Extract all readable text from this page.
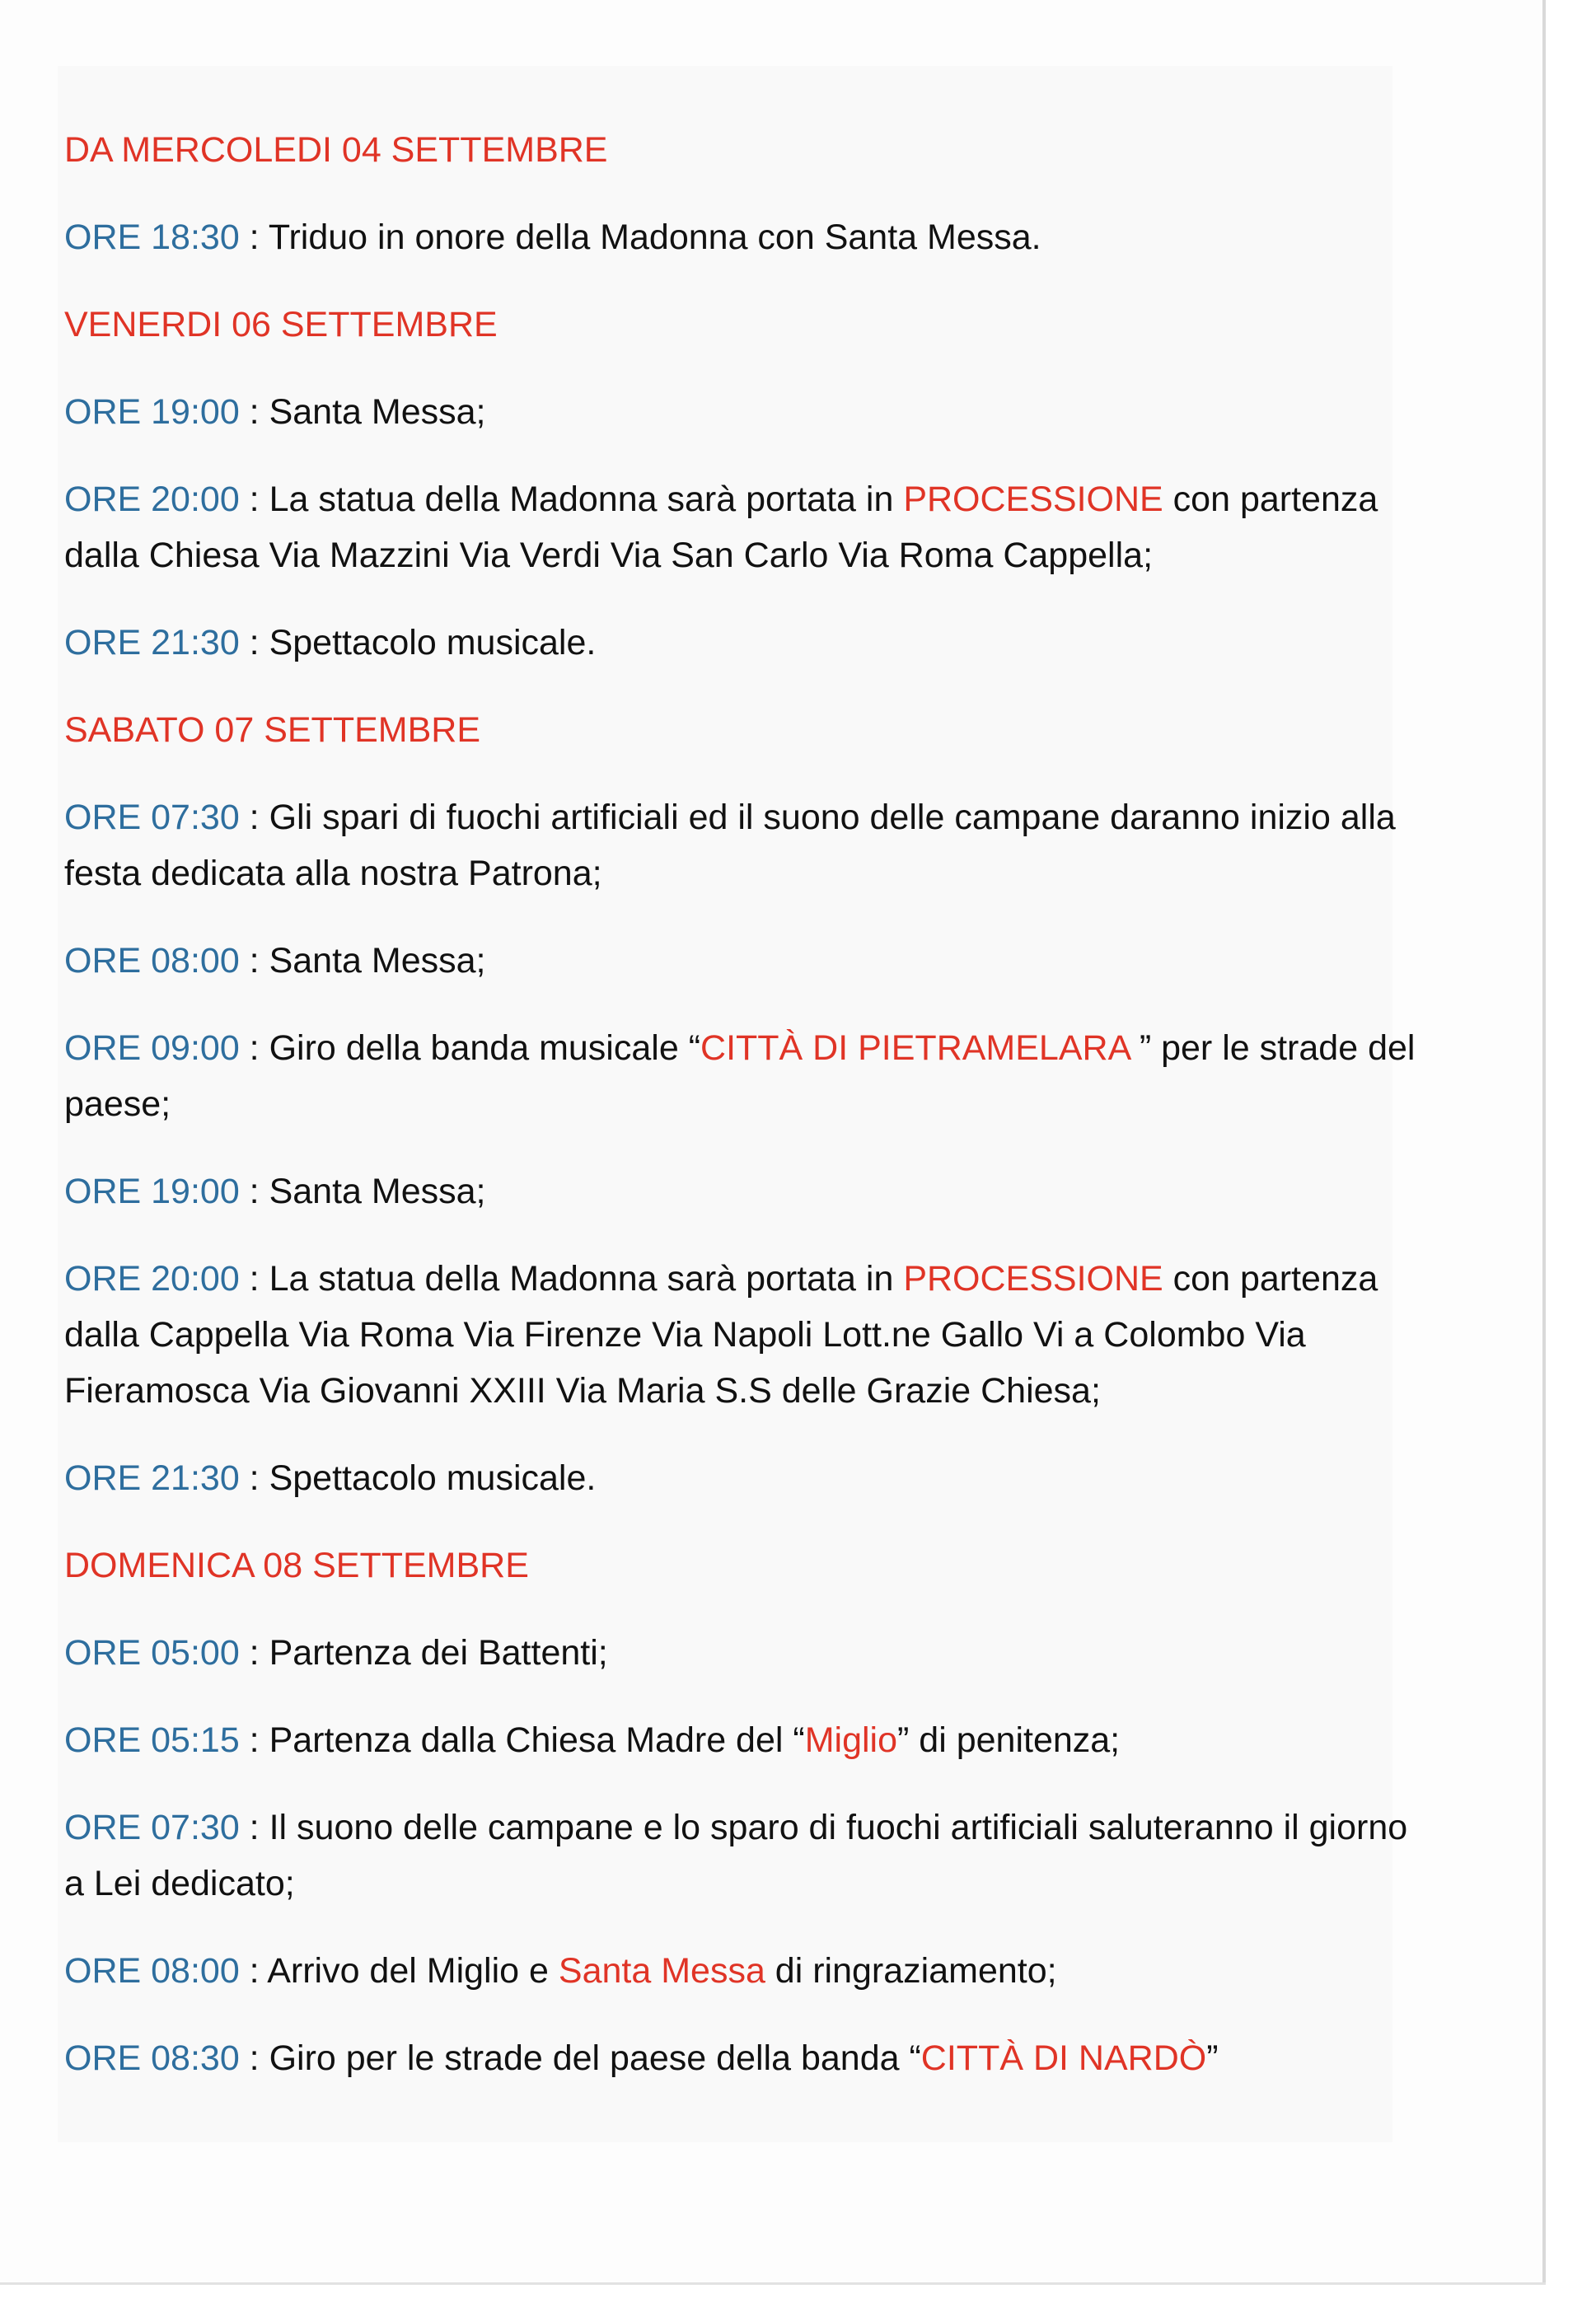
DA MERCOLEDI 04 SETTEMBRE
ORE 18:30 : Triduo in onore della Madonna con Santa Messa.
VENERDI 06 SETTEMBRE
ORE 19:00 : Santa Messa;
ORE 20:00 : La statua della Madonna sarà portata in PROCESSIONE con partenza dalla Chiesa Via Mazzini Via Verdi Via San Carlo Via Roma Cappella;
ORE 21:30 : Spettacolo musicale.
SABATO 07 SETTEMBRE
ORE 07:30 : Gli spari di fuochi artificiali ed il suono delle campane daranno inizio alla festa dedicata alla nostra Patrona;
ORE 08:00 : Santa Messa;
ORE 09:00 : Giro della banda musicale “CITTÀ DI PIETRAMELARA ” per le strade del paese;
ORE 19:00 : Santa Messa;
ORE 20:00 : La statua della Madonna sarà portata in PROCESSIONE con partenza dalla Cappella Via Roma Via Firenze Via Napoli Lott.ne Gallo Vi a Colombo Via Fieramosca Via Giovanni XXIII Via Maria S.S delle Grazie Chiesa;
ORE 21:30 : Spettacolo musicale.
DOMENICA 08 SETTEMBRE
ORE 05:00 : Partenza dei Battenti;
ORE 05:15 : Partenza dalla Chiesa Madre del “Miglio” di penitenza;
ORE 07:30 : Il suono delle campane e lo sparo di fuochi artificiali saluteranno il giorno a Lei dedicato;
ORE 08:00 : Arrivo del Miglio e Santa Messa di ringraziamento;
ORE 08:30 : Giro per le strade del paese della banda “CITTÀ DI NARDÒ”
